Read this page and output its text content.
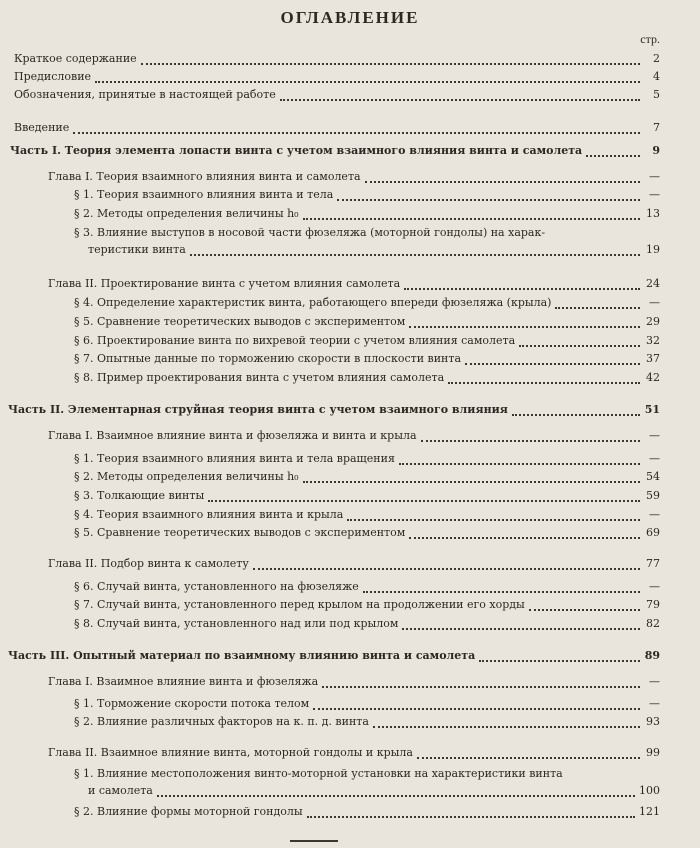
ОГЛАВЛЕНИЕ
стр.
Краткое содержание	2
Предисловие	4
Обозначения, принятые в настоящей работе	5
Введение	7
Часть I. Теория элемента лопасти винта с учетом взаимного влияния винта и самолета	9
Глава I. Теория взаимного влияния винта и самолета	—
§ 1. Теория взаимного влияния винта и тела	—
§ 2. Методы определения величины h₀	13
§ 3. Влияние выступов в носовой части фюзеляжа (моторной гондолы) на харак-
теристики винта	19
Глава II. Проектирование винта с учетом влияния самолета	24
§ 4. Определение характеристик винта, работающего впереди фюзеляжа (крыла)	—
§ 5. Сравнение теоретических выводов с экспериментом	29
§ 6. Проектирование винта по вихревой теории с учетом влияния самолета	32
§ 7. Опытные данные по торможению скорости в плоскости винта	37
§ 8. Пример проектирования винта с учетом влияния самолета	42
Часть II. Элементарная струйная теория винта с учетом взаимного влияния	51
Глава I. Взаимное влияние винта и фюзеляжа и винта и крыла	—
§ 1. Теория взаимного влияния винта и тела вращения	—
§ 2. Методы определения величины h₀	54
§ 3. Толкающие винты	59
§ 4. Теория взаимного влияния винта и крыла	—
§ 5. Сравнение теоретических выводов с экспериментом	69
Глава II. Подбор винта к самолету	77
§ 6. Случай винта, установленного на фюзеляже	—
§ 7. Случай винта, установленного перед крылом на продолжении его хорды	79
§ 8. Случай винта, установленного над или под крылом	82
Часть III. Опытный материал по взаимному влиянию винта и самолета	89
Глава I. Взаимное влияние винта и фюзеляжа	—
§ 1. Торможение скорости потока телом	—
§ 2. Влияние различных факторов на к. п. д. винта	93
Глава II. Взаимное влияние винта, моторной гондолы и крыла	99
§ 1. Влияние местоположения винто-моторной установки на характеристики винта
и самолета	100
§ 2. Влияние формы моторной гондолы	121
